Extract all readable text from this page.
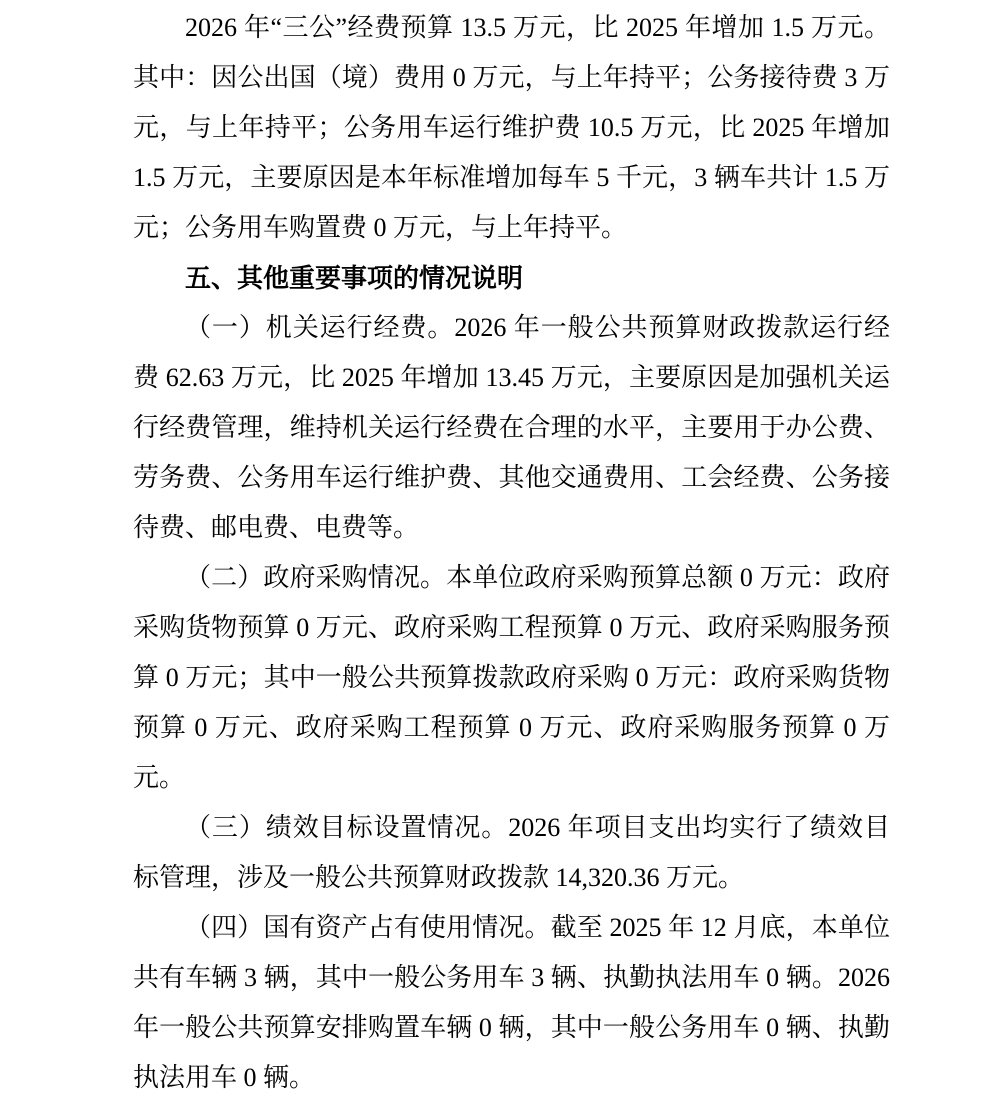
2026 年“三公”经费预算 13.5 万元，比 2025 年增加 1.5 万元。其中：因公出国（境）费用 0 万元，与上年持平；公务接待费 3 万元，与上年持平；公务用车运行维护费 10.5 万元，比 2025 年增加 1.5 万元，主要原因是本年标准增加每车 5 千元，3 辆车共计 1.5 万元；公务用车购置费 0 万元，与上年持平。

五、其他重要事项的情况说明

（一）机关运行经费。2026 年一般公共预算财政拨款运行经费 62.63 万元，比 2025 年增加 13.45 万元，主要原因是加强机关运行经费管理，维持机关运行经费在合理的水平，主要用于办公费、劳务费、公务用车运行维护费、其他交通费用、工会经费、公务接待费、邮电费、电费等。

（二）政府采购情况。本单位政府采购预算总额 0 万元：政府采购货物预算 0 万元、政府采购工程预算 0 万元、政府采购服务预算 0 万元；其中一般公共预算拨款政府采购 0 万元：政府采购货物预算 0 万元、政府采购工程预算 0 万元、政府采购服务预算 0 万元。

（三）绩效目标设置情况。2026 年项目支出均实行了绩效目标管理，涉及一般公共预算财政拨款 14,320.36 万元。

（四）国有资产占有使用情况。截至 2025 年 12 月底，本单位共有车辆 3 辆，其中一般公务用车 3 辆、执勤执法用车 0 辆。2026 年一般公共预算安排购置车辆 0 辆，其中一般公务用车 0 辆、执勤执法用车 0 辆。
